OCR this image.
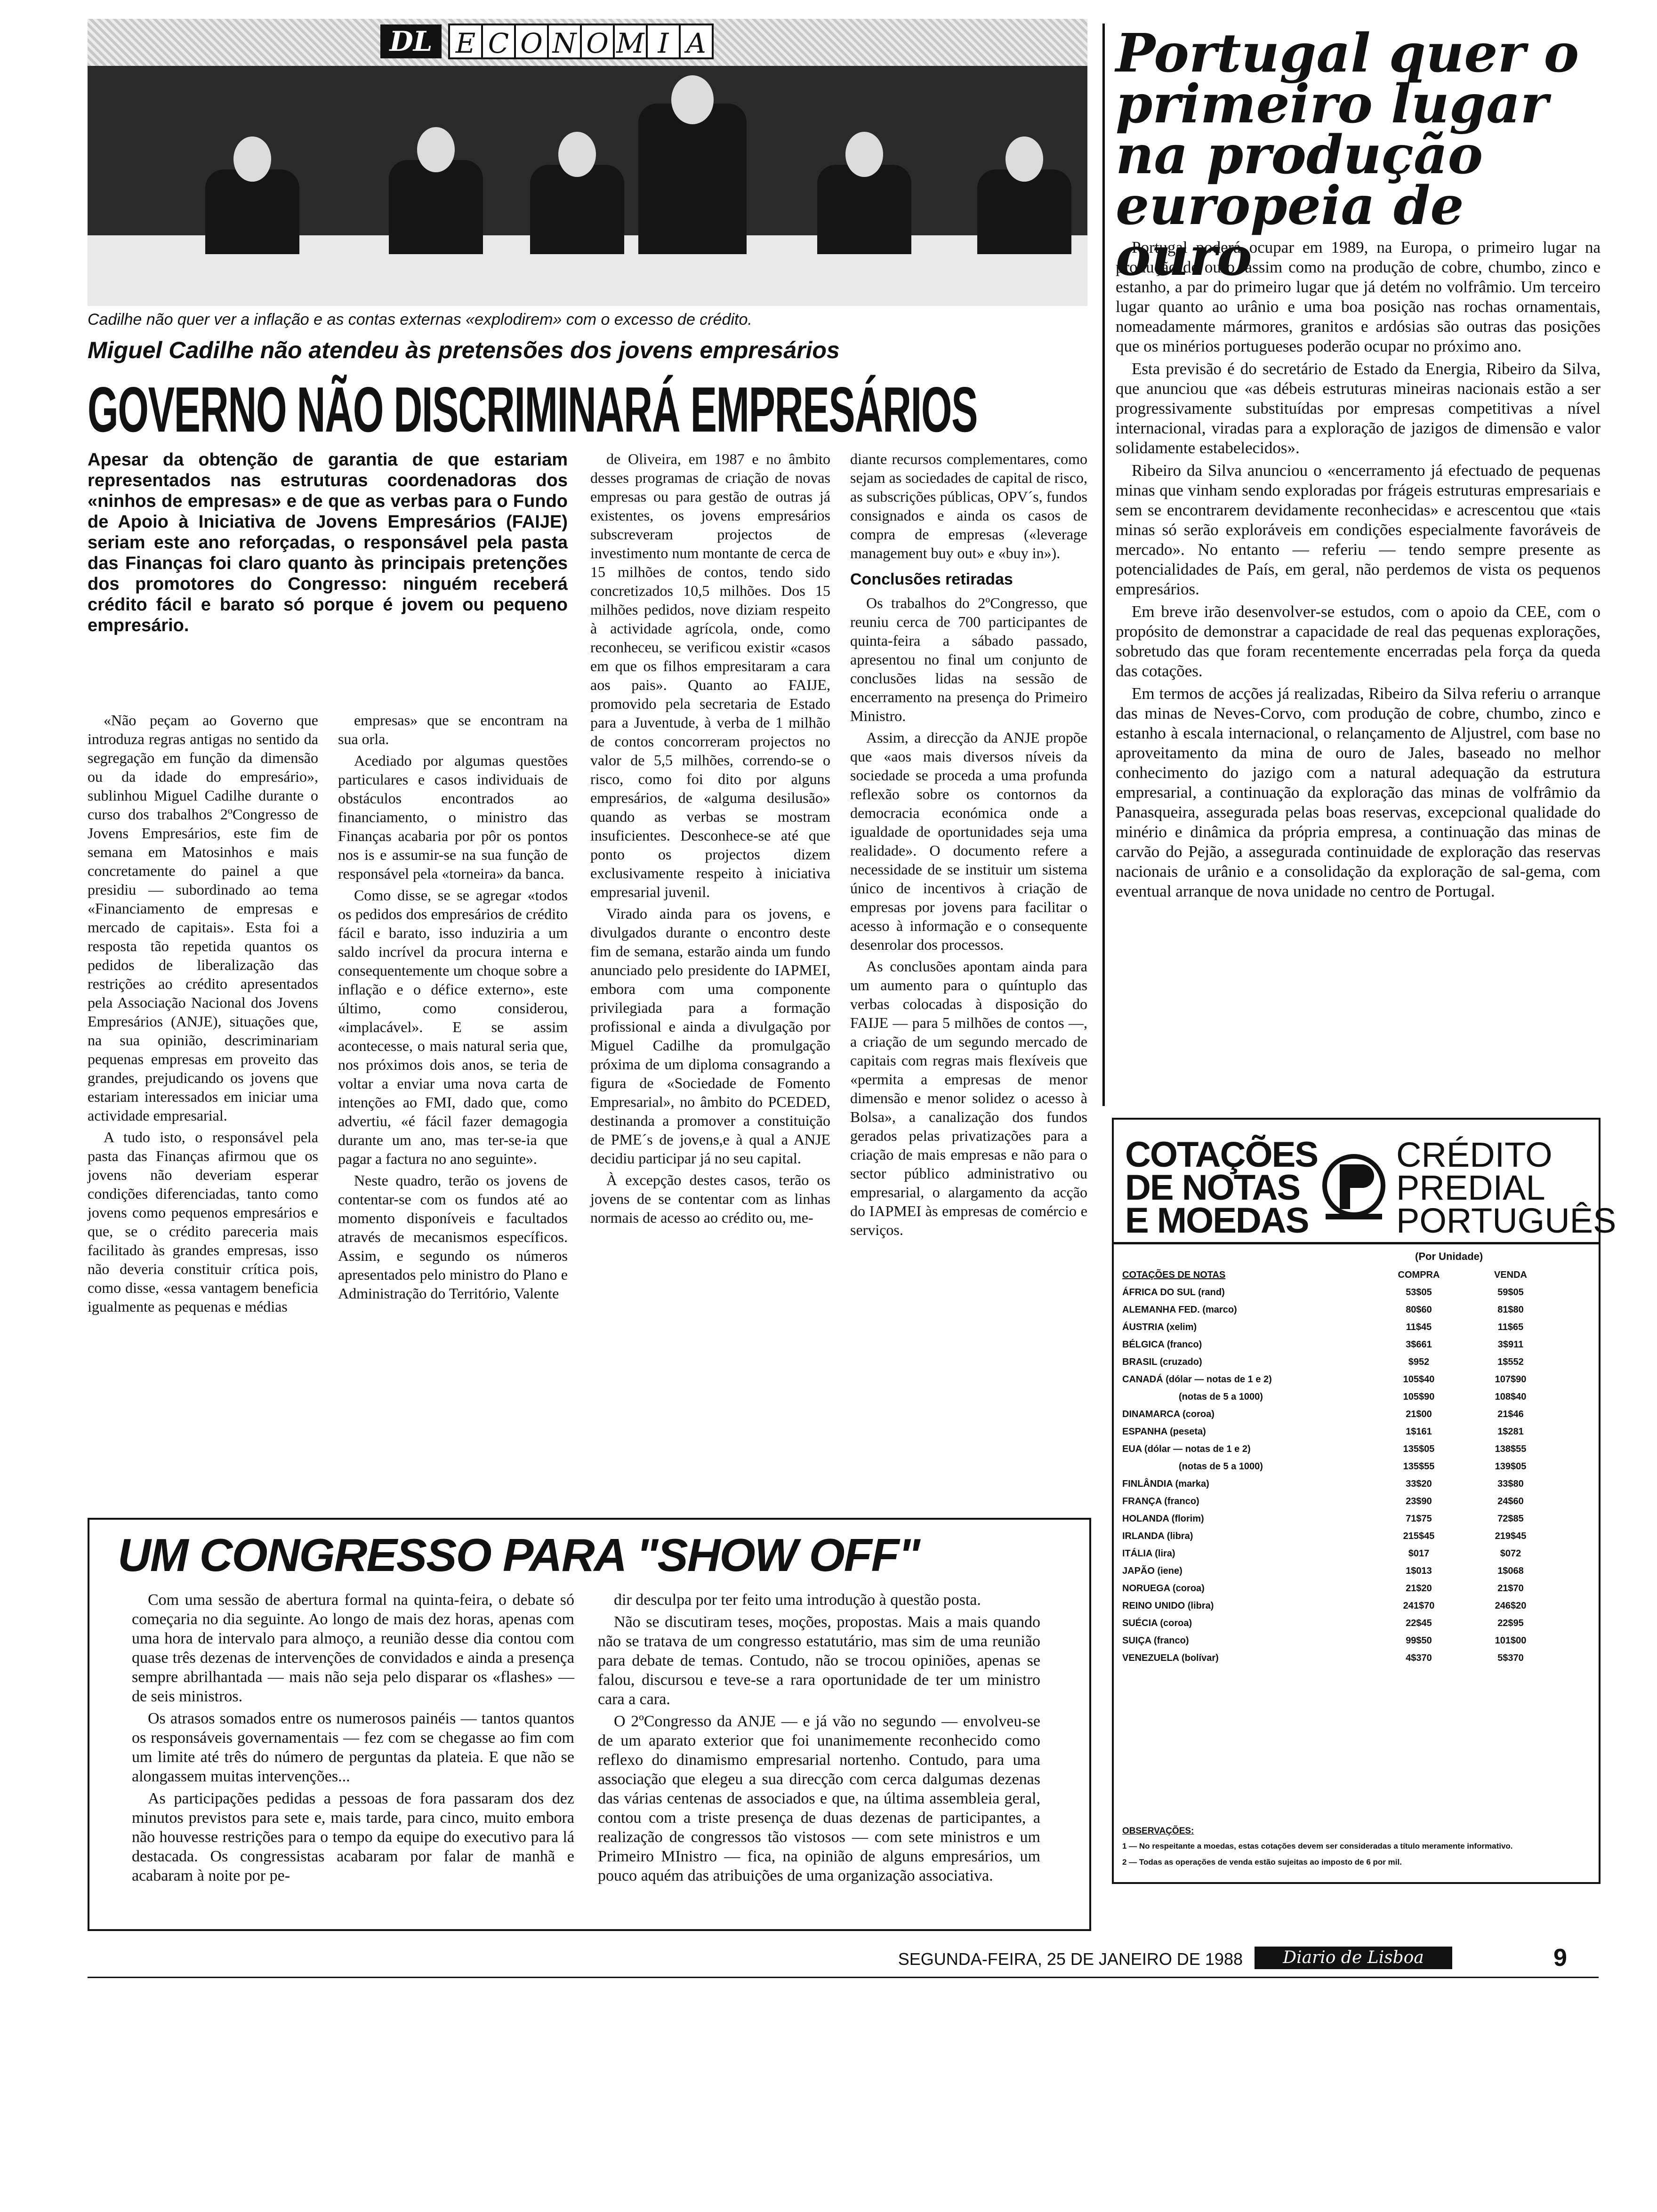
DL E C O N O M I A
Cadilhe não quer ver a inflação e as contas externas «explodirem» com o excesso de crédito.
Miguel Cadilhe não atendeu às pretensões dos jovens empresários
GOVERNO NÃO DISCRIMINARÁ EMPRESÁRIOS
Apesar da obtenção de garantia de que estariam representados nas estruturas coordenadoras dos «ninhos de empresas» e de que as verbas para o Fundo de Apoio à Iniciativa de Jovens Empresários (FAIJE) seriam este ano reforçadas, o responsável pela pasta das Finanças foi claro quanto às principais pretenções dos promotores do Congresso: ninguém receberá crédito fácil e barato só porque é jovem ou pequeno empresário.

«Não peçam ao Governo que introduza regras antigas no sentido da segregação em função da dimensão ou da idade do empresário», sublinhou Miguel Cadilhe durante o curso dos trabalhos 2ºCongresso de Jovens Empresários, este fim de semana em Matosinhos e mais concretamente do painel a que presidiu — subordinado ao tema «Financiamento de empresas e mercado de capitais». Esta foi a resposta tão repetida quantos os pedidos de liberalização das restrições ao crédito apresentados pela Associação Nacional dos Jovens Empresários (ANJE), situações que, na sua opinião, descriminariam pequenas empresas em proveito das grandes, prejudicando os jovens que estariam interessados em iniciar uma actividade empresarial.

A tudo isto, o responsável pela pasta das Finanças afirmou que os jovens não deveriam esperar condições diferenciadas, tanto como jovens como pequenos empresários e que, se o crédito pareceria mais facilitado às grandes empresas, isso não deveria constituir crítica pois, como disse, «essa vantagem beneficia igualmente as pequenas e médias

empresas» que se encontram na sua orla.

Acediado por algumas questões particulares e casos individuais de obstáculos encontrados ao financiamento, o ministro das Finanças acabaria por pôr os pontos nos is e assumir-se na sua função de responsável pela «torneira» da banca.

Como disse, se se agregar «todos os pedidos dos empresários de crédito fácil e barato, isso induziria a um saldo incrível da procura interna e consequentemente um choque sobre a inflação e o défice externo», este último, como considerou, «implacável». E se assim acontecesse, o mais natural seria que, nos próximos dois anos, se teria de voltar a enviar uma nova carta de intenções ao FMI, dado que, como advertiu, «é fácil fazer demagogia durante um ano, mas ter-se-ia que pagar a factura no ano seguinte».

Neste quadro, terão os jovens de contentar-se com os fundos até ao momento disponíveis e facultados através de mecanismos específicos. Assim, e segundo os números apresentados pelo ministro do Plano e Administração do Território, Valente

de Oliveira, em 1987 e no âmbito desses programas de criação de novas empresas ou para gestão de outras já existentes, os jovens empresários subscreveram projectos de investimento num montante de cerca de 15 milhões de contos, tendo sido concretizados 10,5 milhões. Dos 15 milhões pedidos, nove diziam respeito à actividade agrícola, onde, como reconheceu, se verificou existir «casos em que os filhos empresitaram a cara aos pais». Quanto ao FAIJE, promovido pela secretaria de Estado para a Juventude, à verba de 1 milhão de contos concorreram projectos no valor de 5,5 milhões, correndo-se o risco, como foi dito por alguns empresários, de «alguma desilusão» quando as verbas se mostram insuficientes. Desconhece-se até que ponto os projectos dizem exclusivamente respeito à iniciativa empresarial juvenil.

Virado ainda para os jovens, e divulgados durante o encontro deste fim de semana, estarão ainda um fundo anunciado pelo presidente do IAPMEI, embora com uma componente privilegiada para a formação profissional e ainda a divulgação por Miguel Cadilhe da promulgação próxima de um diploma consagrando a figura de «Sociedade de Fomento Empresarial», no âmbito do PCEDED, destinanda a promover a constituição de PME´s de jovens,e à qual a ANJE decidiu participar já no seu capital.

À excepção destes casos, terão os jovens de se contentar com as linhas normais de acesso ao crédito ou, me-

diante recursos complementares, como sejam as sociedades de capital de risco, as subscrições públicas, OPV´s, fundos consignados e ainda os casos de compra de empresas («leverage management buy out» e «buy in»).

Conclusões retiradas

Os trabalhos do 2ºCongresso, que reuniu cerca de 700 participantes de quinta-feira a sábado passado, apresentou no final um conjunto de conclusões lidas na sessão de encerramento na presença do Primeiro Ministro.

Assim, a direcção da ANJE propõe que «aos mais diversos níveis da sociedade se proceda a uma profunda reflexão sobre os contornos da democracia económica onde a igualdade de oportunidades seja uma realidade». O documento refere a necessidade de se instituir um sistema único de incentivos à criação de empresas por jovens para facilitar o acesso à informação e o consequente desenrolar dos processos.

As conclusões apontam ainda para um aumento para o quíntuplo das verbas colocadas à disposição do FAIJE — para 5 milhões de contos —, a criação de um segundo mercado de capitais com regras mais flexíveis que «permita a empresas de menor dimensão e menor solidez o acesso à Bolsa», a canalização dos fundos gerados pelas privatizações para a criação de mais empresas e não para o sector público administrativo ou empresarial, o alargamento da acção do IAPMEI às empresas de comércio e serviços.

Portugal quer o primeiro lugar na produção europeia de ouro

Portugal poderá ocupar em 1989, na Europa, o primeiro lugar na produção de ouro, assim como na produção de cobre, chumbo, zinco e estanho, a par do primeiro lugar que já detém no volfrâmio. Um terceiro lugar quanto ao urânio e uma boa posição nas rochas ornamentais, nomeadamente mármores, granitos e ardósias são outras das posições que os minérios portugueses poderão ocupar no próximo ano.

Esta previsão é do secretário de Estado da Energia, Ribeiro da Silva, que anunciou que «as débeis estruturas mineiras nacionais estão a ser progressivamente substituídas por empresas competitivas a nível internacional, viradas para a exploração de jazigos de dimensão e valor solidamente estabelecidos».

Ribeiro da Silva anunciou o «encerramento já efectuado de pequenas minas que vinham sendo exploradas por frágeis estruturas empresariais e sem se encontrarem devidamente reconhecidas» e acrescentou que «tais minas só serão exploráveis em condições especialmente favoráveis de mercado». No entanto — referiu — tendo sempre presente as potencialidades de País, em geral, não perdemos de vista os pequenos empresários.

Em breve irão desenvolver-se estudos, com o apoio da CEE, com o propósito de demonstrar a capacidade de real das pequenas explorações, sobretudo das que foram recentemente encerradas pela força da queda das cotações.

Em termos de acções já realizadas, Ribeiro da Silva referiu o arranque das minas de Neves-Corvo, com produção de cobre, chumbo, zinco e estanho à escala internacional, o relançamento de Aljustrel, com base no aproveitamento da mina de ouro de Jales, baseado no melhor conhecimento do jazigo com a natural adequação da estrutura empresarial, a continuação da exploração das minas de volfrâmio da Panasqueira, assegurada pelas boas reservas, excepcional qualidade do minério e dinâmica da própria empresa, a continuação das minas de carvão do Pejão, a assegurada continuidade de exploração das reservas nacionais de urânio e a consolidação da exploração de sal-gema, com eventual arranque de nova unidade no centro de Portugal.

COTAÇÕES
DE NOTAS
E MOEDAS
CRÉDITO
PREDIAL
PORTUGUÊS
(Por Unidade)
COTAÇÕES DE NOTAS	COMPRA	VENDA
ÁFRICA DO SUL (rand)	53$05	59$05
ALEMANHA FED. (marco)	80$60	81$80
ÁUSTRIA (xelim)	11$45	11$65
BÉLGICA (franco)	3$661	3$911
BRASIL (cruzado)	$952	1$552
CANADÁ (dólar — notas de 1 e 2)	105$40	107$90
(notas de 5 a 1000)	105$90	108$40
DINAMARCA (coroa)	21$00	21$46
ESPANHA (peseta)	1$161	1$281
EUA (dólar — notas de 1 e 2)	135$05	138$55
(notas de 5 a 1000)	135$55	139$05
FINLÂNDIA (marka)	33$20	33$80
FRANÇA (franco)	23$90	24$60
HOLANDA (florim)	71$75	72$85
IRLANDA (libra)	215$45	219$45
ITÁLIA (lira)	$017	$072
JAPÃO (iene)	1$013	1$068
NORUEGA (coroa)	21$20	21$70
REINO UNIDO (libra)	241$70	246$20
SUÉCIA (coroa)	22$45	22$95
SUIÇA (franco)	99$50	101$00
VENEZUELA (bolívar)	4$370	5$370
OBSERVAÇÕES:
1 — No respeitante a moedas, estas cotações devem ser consideradas a título meramente informativo.
2 — Todas as operações de venda estão sujeitas ao imposto de 6 por mil.
UM CONGRESSO PARA "SHOW OFF"

Com uma sessão de abertura formal na quinta-feira, o debate só começaria no dia seguinte. Ao longo de mais dez horas, apenas com uma hora de intervalo para almoço, a reunião desse dia contou com quase três dezenas de intervenções de convidados e ainda a presença sempre abrilhantada — mais não seja pelo disparar os «flashes» — de seis ministros.

Os atrasos somados entre os numerosos painéis — tantos quantos os responsáveis governamentais — fez com se chegasse ao fim com um limite até três do número de perguntas da plateia. E que não se alongassem muitas intervenções...

As participações pedidas a pessoas de fora passaram dos dez minutos previstos para sete e, mais tarde, para cinco, muito embora não houvesse restrições para o tempo da equipe do executivo para lá destacada. Os congressistas acabaram por falar de manhã e acabaram à noite por pe-

dir desculpa por ter feito uma introdução à questão posta.

Não se discutiram teses, moções, propostas. Mais a mais quando não se tratava de um congresso estatutário, mas sim de uma reunião para debate de temas. Contudo, não se trocou opiniões, apenas se falou, discursou e teve-se a rara oportunidade de ter um ministro cara a cara.

O 2ºCongresso da ANJE — e já vão no segundo — envolveu-se de um aparato exterior que foi unanimemente reconhecido como reflexo do dinamismo empresarial nortenho. Contudo, para uma associação que elegeu a sua direcção com cerca dalgumas dezenas das várias centenas de associados e que, na última assembleia geral, contou com a triste presença de duas dezenas de participantes, a realização de congressos tão vistosos — com sete ministros e um Primeiro MInistro — fica, na opinião de alguns empresários, um pouco aquém das atribuições de uma organização associativa.

SEGUNDA-FEIRA, 25 DE JANEIRO DE 1988	Diario de Lisboa	9
